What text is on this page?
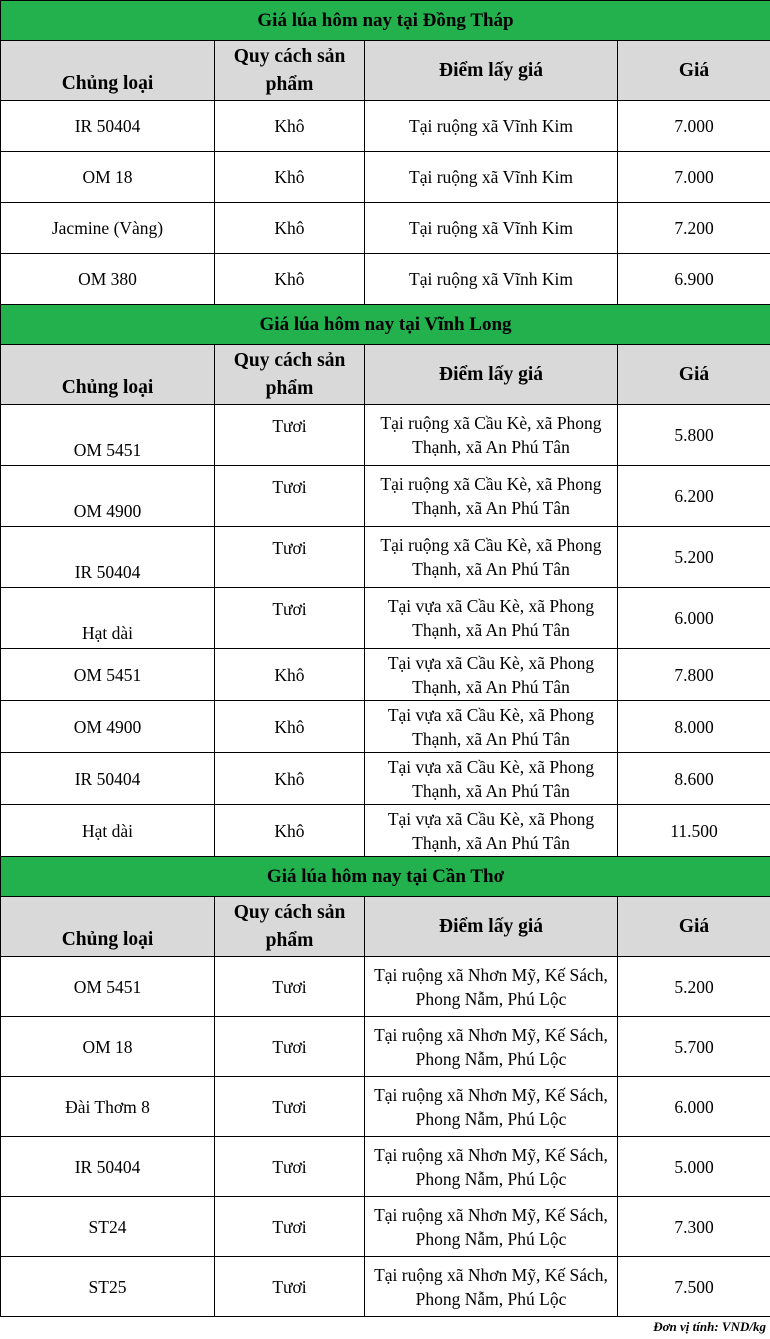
Giá lúa hôm nay tại Đồng Tháp			

Chủng loại	Quy cách sản phẩm	Điểm lấy giá	Giá
IR 50404	Khô	Tại ruộng xã Vĩnh Kim	7.000
OM 18	Khô	Tại ruộng xã Vĩnh Kim	7.000
Jacmine (Vàng)	Khô	Tại ruộng xã Vĩnh Kim	7.200
OM 380	Khô	Tại ruộng xã Vĩnh Kim	6.900
Giá lúa hôm nay tại Vĩnh Long			

Chủng loại	Quy cách sản phẩm	Điểm lấy giá	Giá
OM 5451	Tươi	Tại ruộng xã Cầu Kè, xã Phong Thạnh, xã An Phú Tân	5.800
OM 4900	Tươi	Tại ruộng xã Cầu Kè, xã Phong Thạnh, xã An Phú Tân	6.200
IR 50404	Tươi	Tại ruộng xã Cầu Kè, xã Phong Thạnh, xã An Phú Tân	5.200
Hạt dài	Tươi	Tại vựa xã Cầu Kè, xã Phong Thạnh, xã An Phú Tân	6.000
OM 5451	Khô	Tại vựa xã Cầu Kè, xã Phong Thạnh, xã An Phú Tân	7.800
OM 4900	Khô	Tại vựa xã Cầu Kè, xã Phong Thạnh, xã An Phú Tân	8.000
IR 50404	Khô	Tại vựa xã Cầu Kè, xã Phong Thạnh, xã An Phú Tân	8.600
Hạt dài	Khô	Tại vựa xã Cầu Kè, xã Phong Thạnh, xã An Phú Tân	11.500
Giá lúa hôm nay tại Cần Thơ			

Chủng loại	Quy cách sản phẩm	Điểm lấy giá	Giá
OM 5451	Tươi	Tại ruộng xã Nhơn Mỹ, Kế Sách, Phong Nẫm, Phú Lộc	5.200
OM 18	Tươi	Tại ruộng xã Nhơn Mỹ, Kế Sách, Phong Nẫm, Phú Lộc	5.700
Đài Thơm 8	Tươi	Tại ruộng xã Nhơn Mỹ, Kế Sách, Phong Nẫm, Phú Lộc	6.000
IR 50404	Tươi	Tại ruộng xã Nhơn Mỹ, Kế Sách, Phong Nẫm, Phú Lộc	5.000
ST24	Tươi	Tại ruộng xã Nhơn Mỹ, Kế Sách, Phong Nẫm, Phú Lộc	7.300
ST25	Tươi	Tại ruộng xã Nhơn Mỹ, Kế Sách, Phong Nẫm, Phú Lộc	7.500
Đơn vị tính: VND/kg
